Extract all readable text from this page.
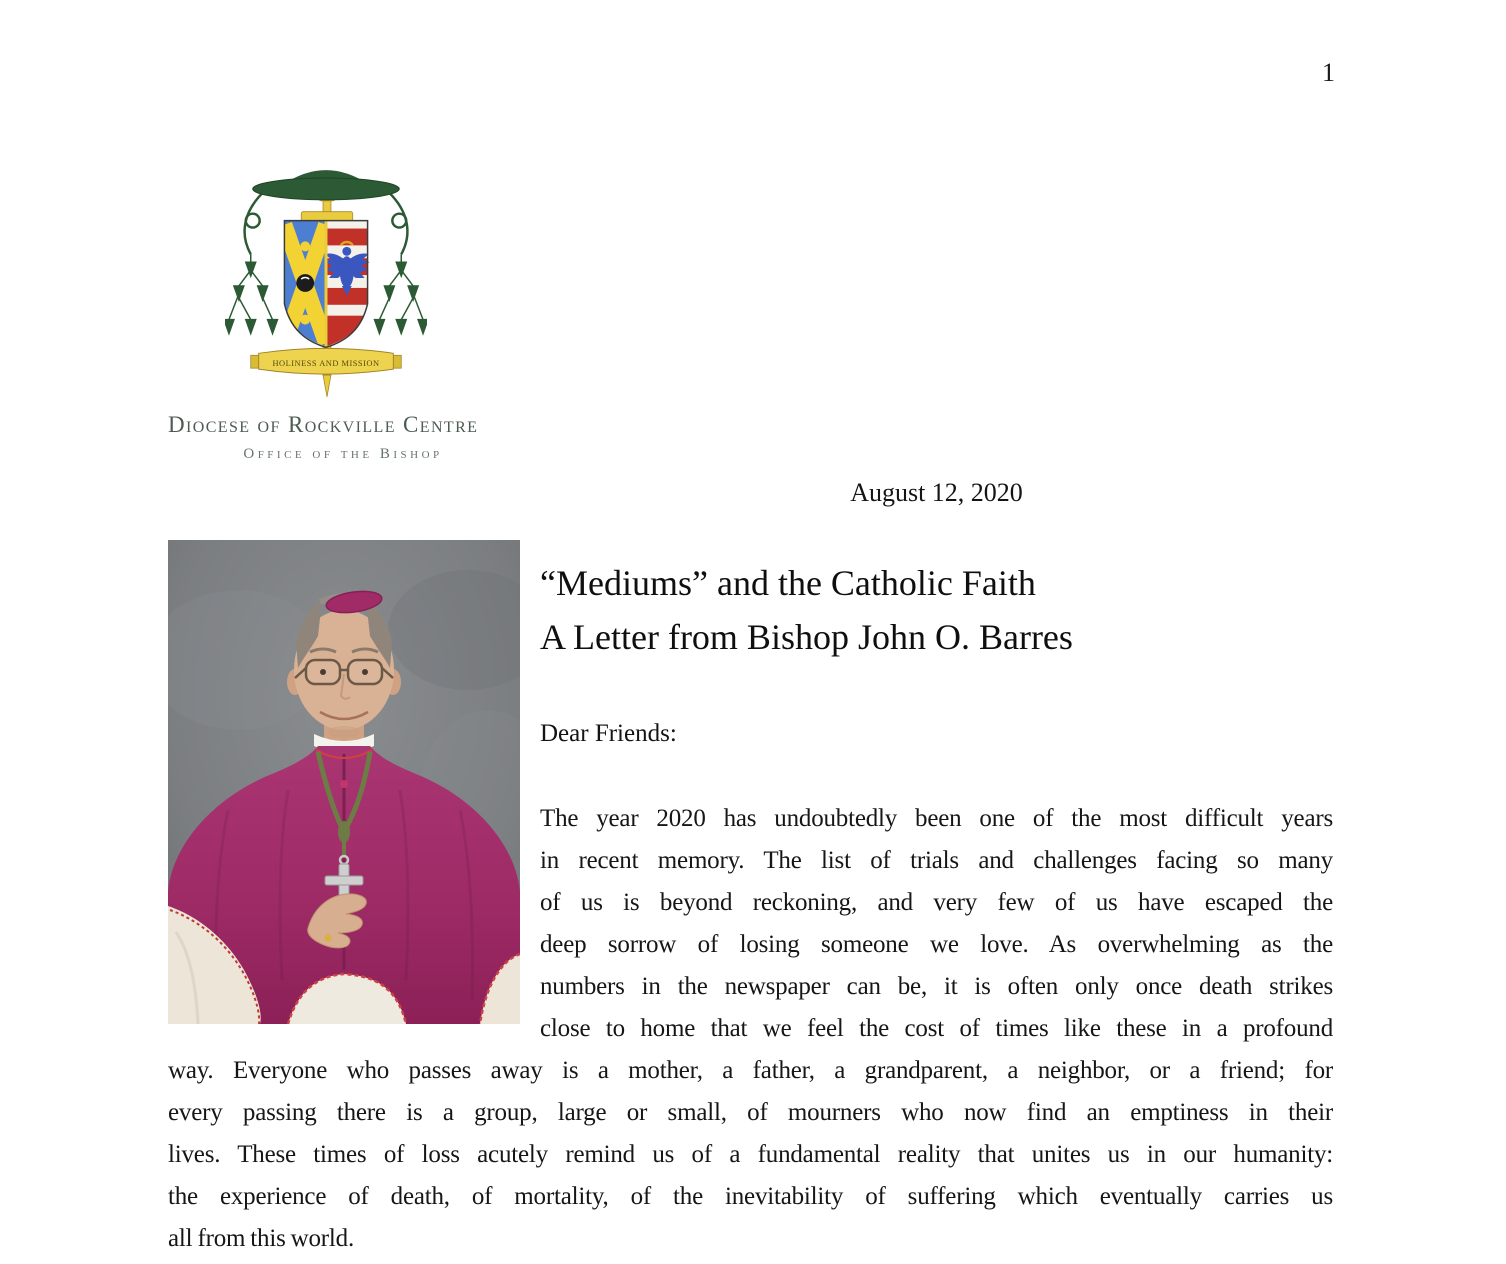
1
HOLINESS AND MISSION
Diocese of Rockville Centre
Office of the Bishop
August 12, 2020
“Mediums” and the Catholic Faith
A Letter from Bishop John O. Barres
Dear Friends:
The year 2020 has undoubtedly been one of the most difficult years
in recent memory. The list of trials and challenges facing so many
of us is beyond reckoning, and very few of us have escaped the
deep sorrow of losing someone we love. As overwhelming as the
numbers in the newspaper can be, it is often only once death strikes
close to home that we feel the cost of times like these in a profound
way. Everyone who passes away is a mother, a father, a grandparent, a neighbor, or a friend; for
every passing there is a group, large or small, of mourners who now find an emptiness in their
lives. These times of loss acutely remind us of a fundamental reality that unites us in our humanity:
the experience of death, of mortality, of the inevitability of suffering which eventually carries us
all from this world.
